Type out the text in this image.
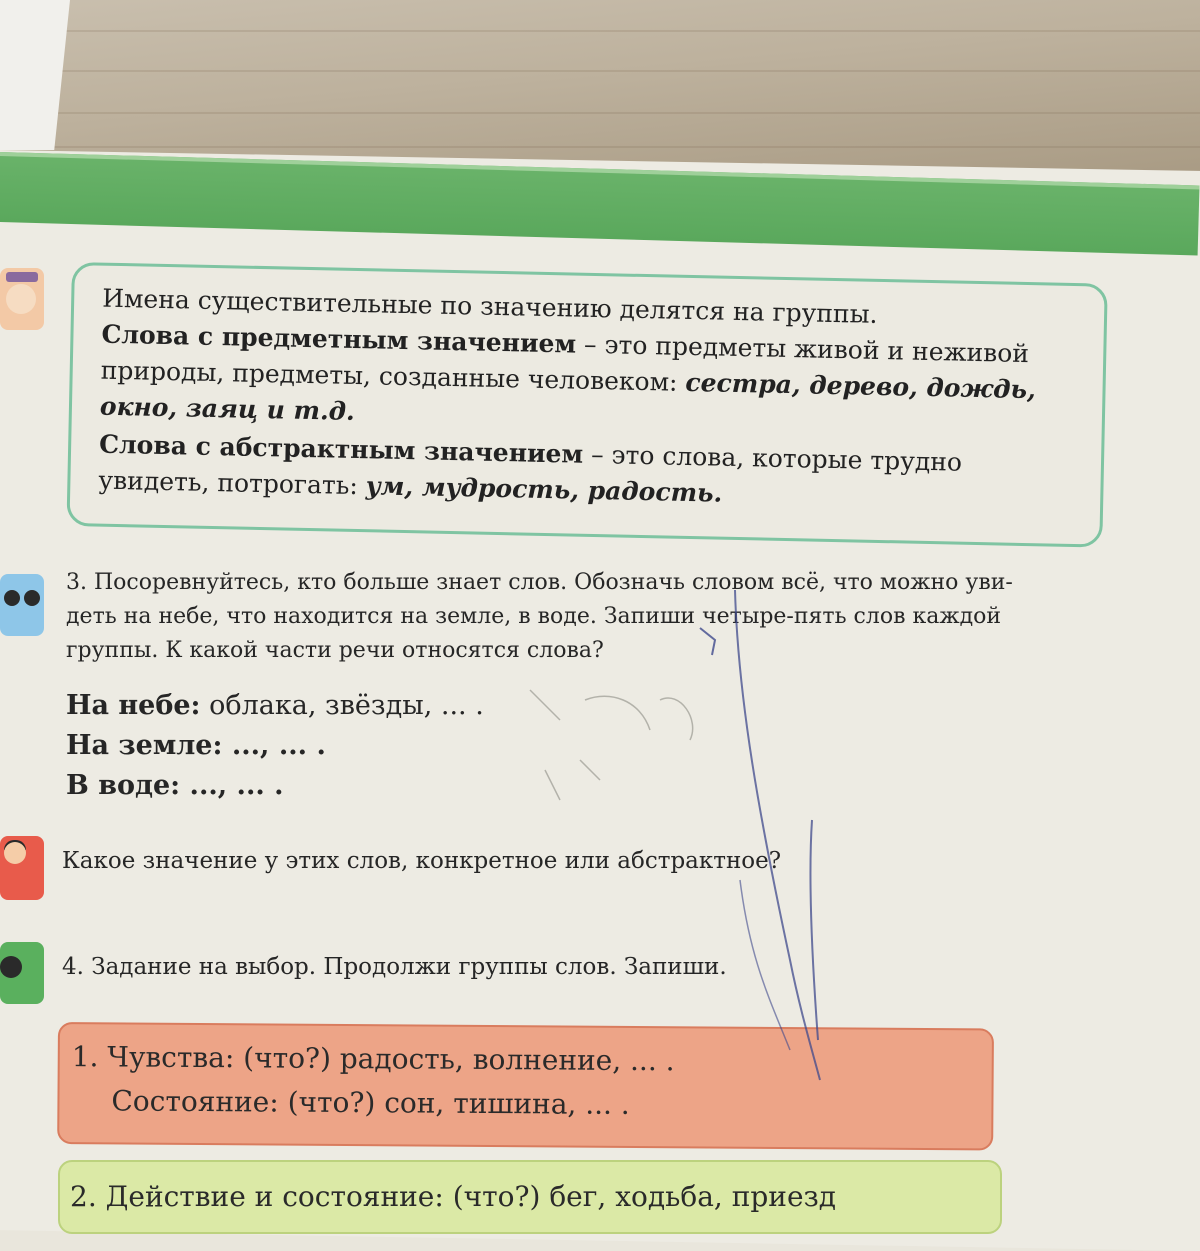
Имена существительные по значению делятся на группы.

Слова с предметным значением – это предметы живой и неживой

природы, предметы, созданные человеком: сестра, дерево, дождь,

окно, заяц и т.д.

Слова с абстрактным значением – это слова, которые трудно

увидеть, потрогать: ум, мудрость, радость.

3. Посоревнуйтесь, кто больше знает слов. Обозначь словом всё, что можно уви-

деть на небе, что находится на земле, в воде. Запиши четыре-пять слов каждой

группы. К какой части речи относятся слова?

На небе: облака, звёзды, ... .

На земле: ..., ... .

В воде: ..., ... .

Какое значение у этих слов, конкретное или абстрактное?

4. Задание на выбор. Продолжи группы слов. Запиши.

1. Чувства: (что?) радость, волнение, ... .

Состояние: (что?) сон, тишина, ... .

2. Действие и состояние: (что?) бег, ходьба, приезд
